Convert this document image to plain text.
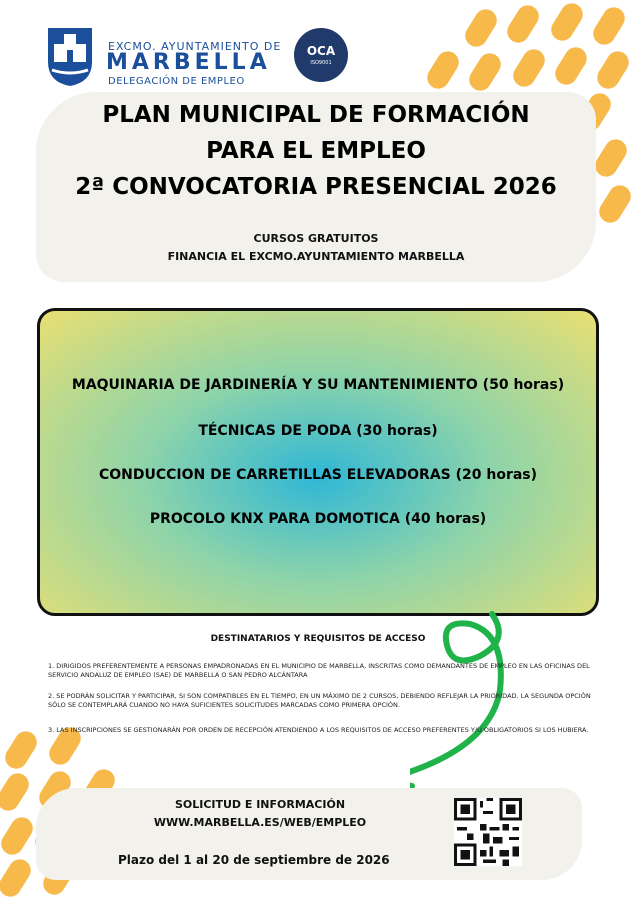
EXCMO. AYUNTAMIENTO DE
MARBELLA
DELEGACIÓN DE EMPLEO
OCA
ISO9001
PLAN MUNICIPAL DE FORMACIÓN
PARA EL EMPLEO
2ª CONVOCATORIA PRESENCIAL 2026
CURSOS GRATUITOS
FINANCIA EL EXCMO.AYUNTAMIENTO MARBELLA
MAQUINARIA DE JARDINERÍA Y SU MANTENIMIENTO (50 horas)
TÉCNICAS DE PODA (30 horas)
CONDUCCION DE CARRETILLAS ELEVADORAS (20 horas)
PROCOLO KNX PARA DOMOTICA (40 horas)
DESTINATARIOS Y REQUISITOS DE ACCESO
1. DIRIGIDOS PREFERENTEMENTE A PERSONAS EMPADRONADAS EN EL MUNICIPIO DE MARBELLA, INSCRITAS COMO DEMANDANTES DE EMPLEO EN LAS OFICINAS DEL SERVICIO ANDALUZ DE EMPLEO (SAE) DE MARBELLA O SAN PEDRO ALCÁNTARA
2. SE PODRÁN SOLICITAR Y PARTICIPAR, SI SON COMPATIBLES EN EL TIEMPO, EN UN MÁXIMO DE 2 CURSOS, DEBIENDO REFLEJAR LA PRIORIDAD. LA SEGUNDA OPCIÓN SÓLO SE CONTEMPLARÁ CUANDO NO HAYA SUFICIENTES SOLICITUDES MARCADAS COMO PRIMERA OPCIÓN.
3. LAS INSCRIPCIONES SE GESTIONARÁN POR ORDEN DE RECEPCIÓN ATENDIENDO A LOS REQUISITOS DE ACCESO PREFERENTES Y/U OBLIGATORIOS SI LOS HUBIERA.
SOLICITUD E INFORMACIÓN
WWW.MARBELLA.ES/WEB/EMPLEO
Plazo del 1 al 20 de septiembre de 2026
